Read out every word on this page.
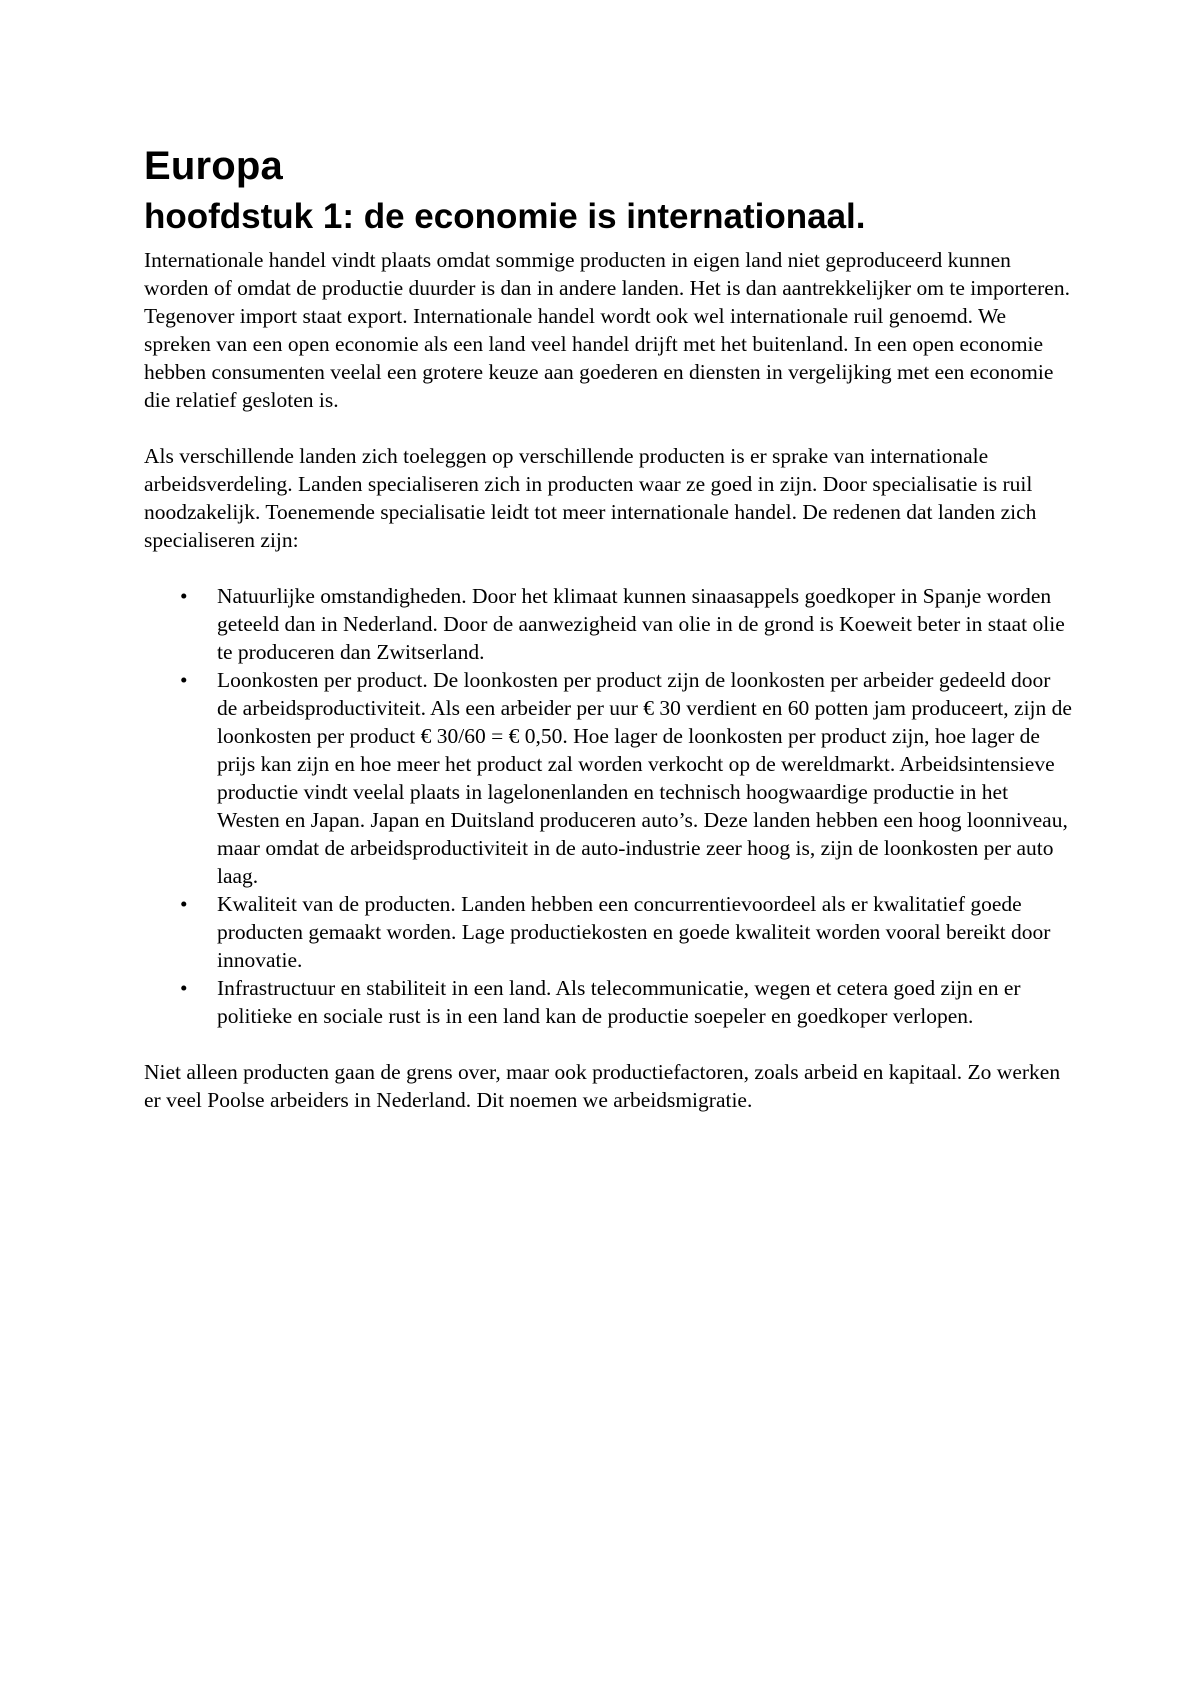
Europa
hoofdstuk 1: de economie is internationaal.

Internationale handel vindt plaats omdat sommige producten in eigen land niet geproduceerd kunnen worden of omdat de productie duurder is dan in andere landen. Het is dan aantrekkelijker om te importeren. Tegenover import staat export. Internationale handel wordt ook wel internationale ruil genoemd. We spreken van een open economie als een land veel handel drijft met het buitenland. In een open economie hebben consumenten veelal een grotere keuze aan goederen en diensten in vergelijking met een economie die relatief gesloten is.

Als verschillende landen zich toeleggen op verschillende producten is er sprake van internationale arbeidsverdeling. Landen specialiseren zich in producten waar ze goed in zijn. Door specialisatie is ruil noodzakelijk. Toenemende specialisatie leidt tot meer internationale handel. De redenen dat landen zich specialiseren zijn:

• Natuurlijke omstandigheden. Door het klimaat kunnen sinaasappels goedkoper in Spanje worden geteeld dan in Nederland. Door de aanwezigheid van olie in de grond is Koeweit beter in staat olie te produceren dan Zwitserland.
• Loonkosten per product. De loonkosten per product zijn de loonkosten per arbeider gedeeld door de arbeidsproductiviteit. Als een arbeider per uur € 30 verdient en 60 potten jam produceert, zijn de loonkosten per product € 30/60 = € 0,50. Hoe lager de loonkosten per product zijn, hoe lager de prijs kan zijn en hoe meer het product zal worden verkocht op de wereldmarkt. Arbeidsintensieve productie vindt veelal plaats in lagelonenlanden en technisch hoogwaardige productie in het Westen en Japan. Japan en Duitsland produceren auto’s. Deze landen hebben een hoog loonniveau, maar omdat de arbeidsproductiviteit in de auto-industrie zeer hoog is, zijn de loonkosten per auto laag.
• Kwaliteit van de producten. Landen hebben een concurrentievoordeel als er kwalitatief goede producten gemaakt worden. Lage productiekosten en goede kwaliteit worden vooral bereikt door innovatie.
• Infrastructuur en stabiliteit in een land. Als telecommunicatie, wegen et cetera goed zijn en er politieke en sociale rust is in een land kan de productie soepeler en goedkoper verlopen.

Niet alleen producten gaan de grens over, maar ook productiefactoren, zoals arbeid en kapitaal. Zo werken er veel Poolse arbeiders in Nederland. Dit noemen we arbeidsmigratie.
